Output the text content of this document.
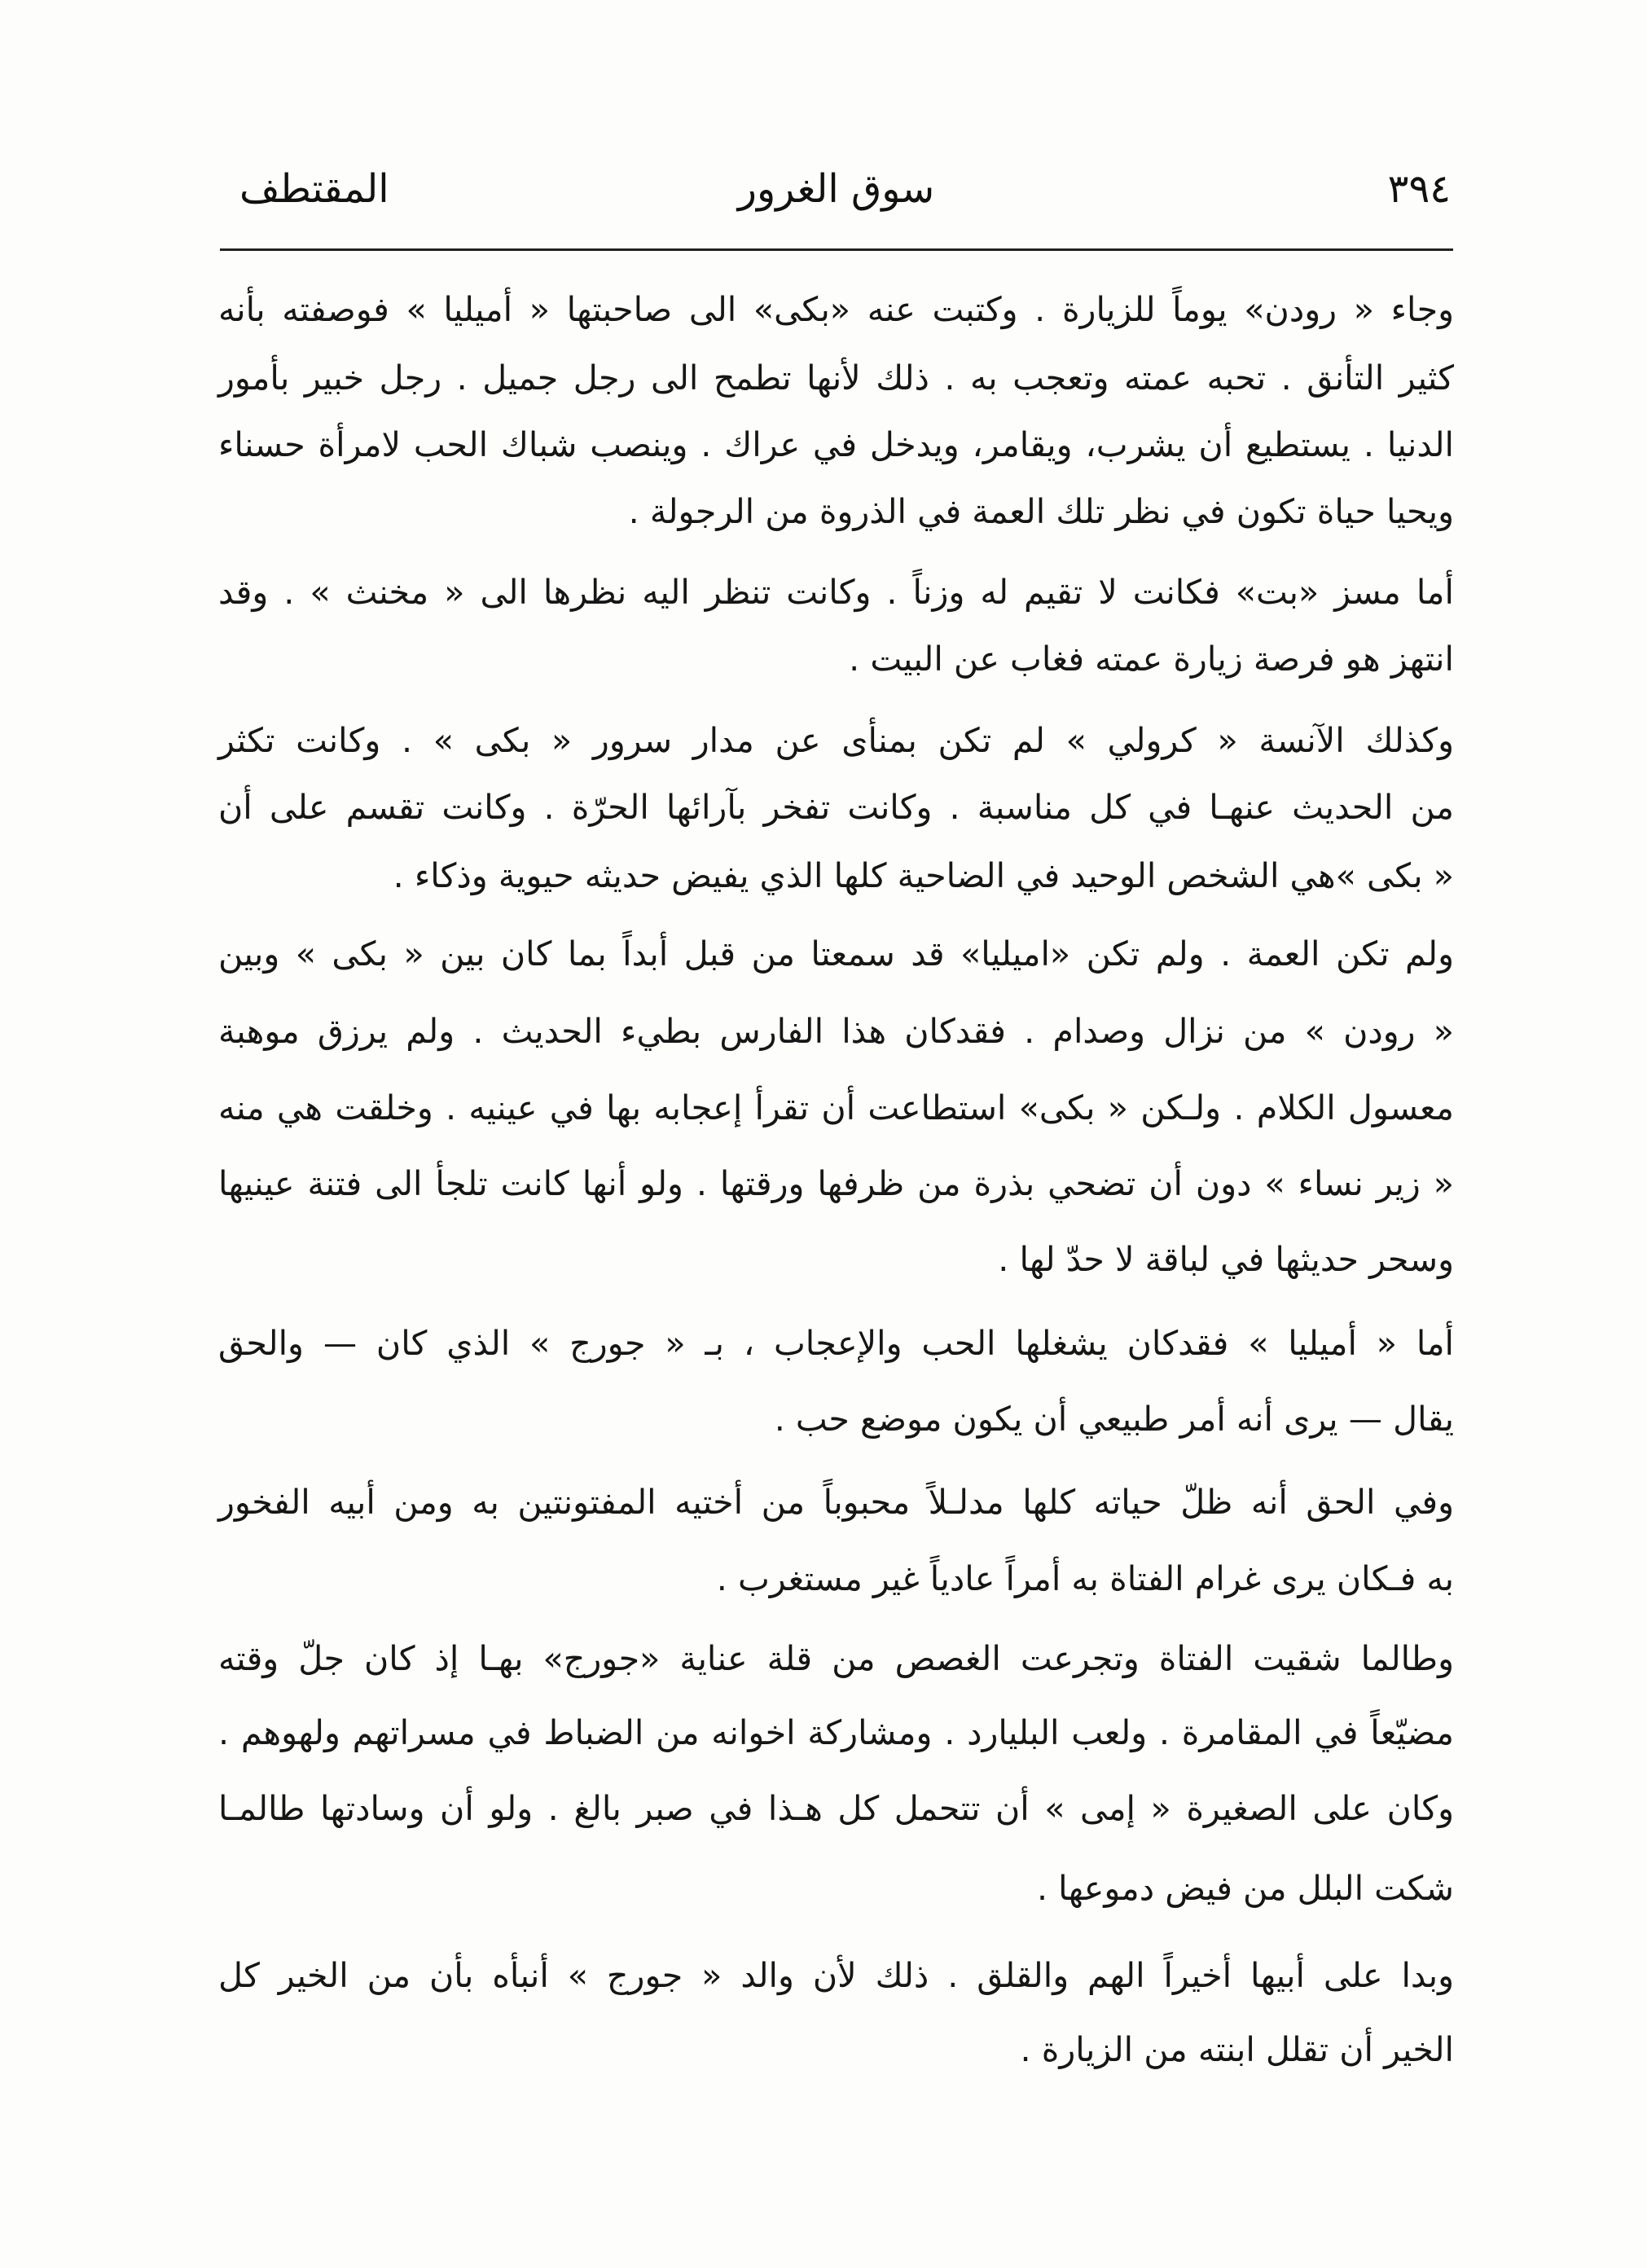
٣٩٤
سوق الغرور
المقتطف
وجاء « رودن» يوماً للزيارة . وكتبت عنه «بكى» الى صاحبتها « أميليا » فوصفته بأنه
كثير التأنق . تحبه عمته وتعجب به . ذلك لأنها تطمح الى رجل جميل . رجل خبير بأمور
الدنيا . يستطيع أن يشرب، ويقامر، ويدخل في عراك . وينصب شباك الحب لامرأة حسناء
ويحيا حياة تكون في نظر تلك العمة في الذروة من الرجولة .
أما مسز «بت» فكانت لا تقيم له وزناً . وكانت تنظر اليه نظرها الى « مخنث » . وقد
انتهز هو فرصة زيارة عمته فغاب عن البيت .
وكذلك الآنسة « كرولي » لم تكن بمنأى عن مدار سرور « بكى » . وكانت تكثر
من الحديث عنهـا في كل مناسبة . وكانت تفخر بآرائها الحرّة . وكانت تقسم على أن
« بكى »هي الشخص الوحيد في الضاحية كلها الذي يفيض حديثه حيوية وذكاء .
ولم تكن العمة . ولم تكن «اميليا» قد سمعتا من قبل أبداً بما كان بين « بكى » وبين
« رودن » من نزال وصدام . فقدكان هذا الفارس بطيء الحديث . ولم يرزق موهبة
معسول الكلام . ولـكن « بكى» استطاعت أن تقرأ إعجابه بها في عينيه . وخلقت هي منه
« زير نساء » دون أن تضحي بذرة من ظرفها ورقتها . ولو أنها كانت تلجأ الى فتنة عينيها
وسحر حديثها في لباقة لا حدّ لها .
أما « أميليا » فقدكان يشغلها الحب والإعجاب ، بـ « جورج » الذي كان — والحق
يقال — يرى أنه أمر طبيعي أن يكون موضع حب .
وفي الحق أنه ظلّ حياته كلها مدلـلاً محبوباً من أختيه المفتونتين به ومن أبيه الفخور
به فـكان يرى غرام الفتاة به أمراً عادياً غير مستغرب .
وطالما شقيت الفتاة وتجرعت الغصص من قلة عناية «جورج» بهـا إذ كان جلّ وقته
مضيّعاً في المقامرة . ولعب البليارد . ومشاركة اخوانه من الضباط في مسراتهم ولهوهم .
وكان على الصغيرة « إمى » أن تتحمل كل هـذا في صبر بالغ . ولو أن وسادتها طالمـا
شكت البلل من فيض دموعها .
وبدا على أبيها أخيراً الهم والقلق . ذلك لأن والد « جورج » أنبأه بأن من الخير كل
الخير أن تقلل ابنته من الزيارة .
